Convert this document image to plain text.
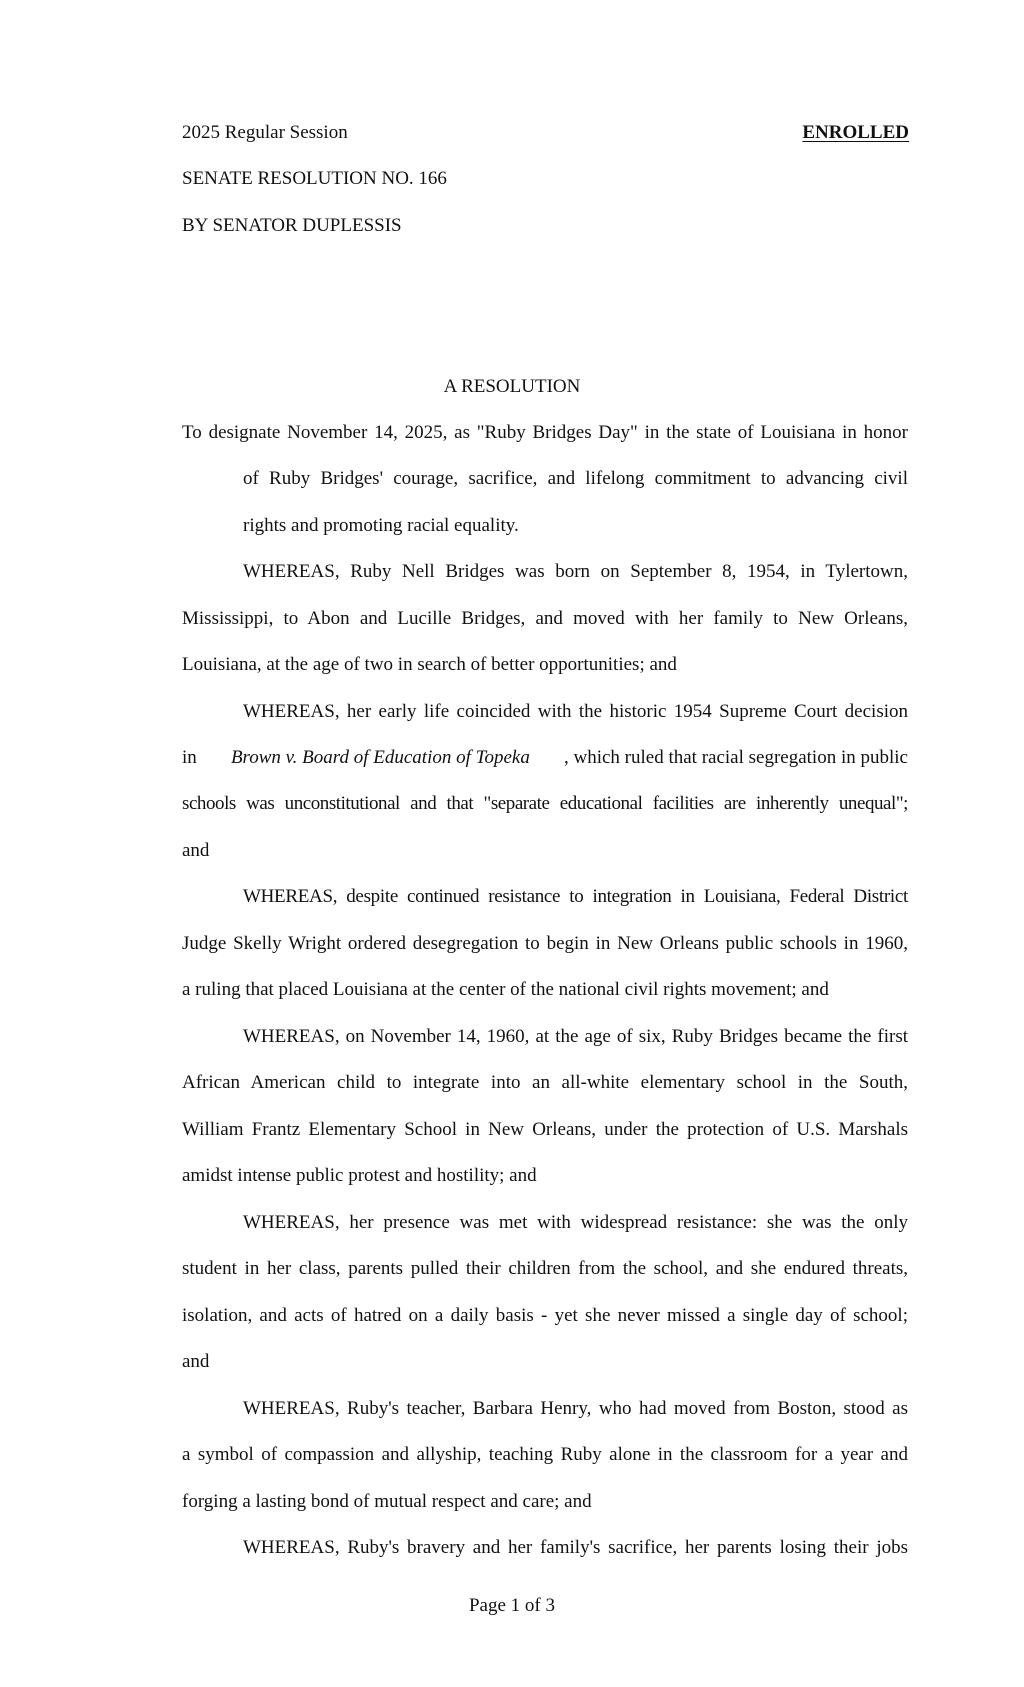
2025 Regular Session	ENROLLED
SENATE RESOLUTION NO. 166
BY SENATOR DUPLESSIS
A RESOLUTION
To designate November 14, 2025, as "Ruby Bridges Day" in the state of Louisiana in honor
of Ruby Bridges' courage, sacrifice, and lifelong commitment to advancing civil
rights and promoting racial equality.
WHEREAS, Ruby Nell Bridges was born on September 8, 1954, in Tylertown,
Mississippi, to Abon and Lucille Bridges, and moved with her family to New Orleans,
Louisiana, at the age of two in search of better opportunities; and
WHEREAS, her early life coincided with the historic 1954 Supreme Court decision
in Brown v. Board of Education of Topeka , which ruled that racial segregation in public
schools was unconstitutional and that "separate educational facilities are inherently unequal";
and
WHEREAS, despite continued resistance to integration in Louisiana, Federal District
Judge Skelly Wright ordered desegregation to begin in New Orleans public schools in 1960,
a ruling that placed Louisiana at the center of the national civil rights movement; and
WHEREAS, on November 14, 1960, at the age of six, Ruby Bridges became the first
African American child to integrate into an all-white elementary school in the South,
William Frantz Elementary School in New Orleans, under the protection of U.S. Marshals
amidst intense public protest and hostility; and
WHEREAS, her presence was met with widespread resistance: she was the only
student in her class, parents pulled their children from the school, and she endured threats,
isolation, and acts of hatred on a daily basis - yet she never missed a single day of school;
and
WHEREAS, Ruby's teacher, Barbara Henry, who had moved from Boston, stood as
a symbol of compassion and allyship, teaching Ruby alone in the classroom for a year and
forging a lasting bond of mutual respect and care; and
WHEREAS, Ruby's bravery and her family's sacrifice, her parents losing their jobs
Page 1 of 3
